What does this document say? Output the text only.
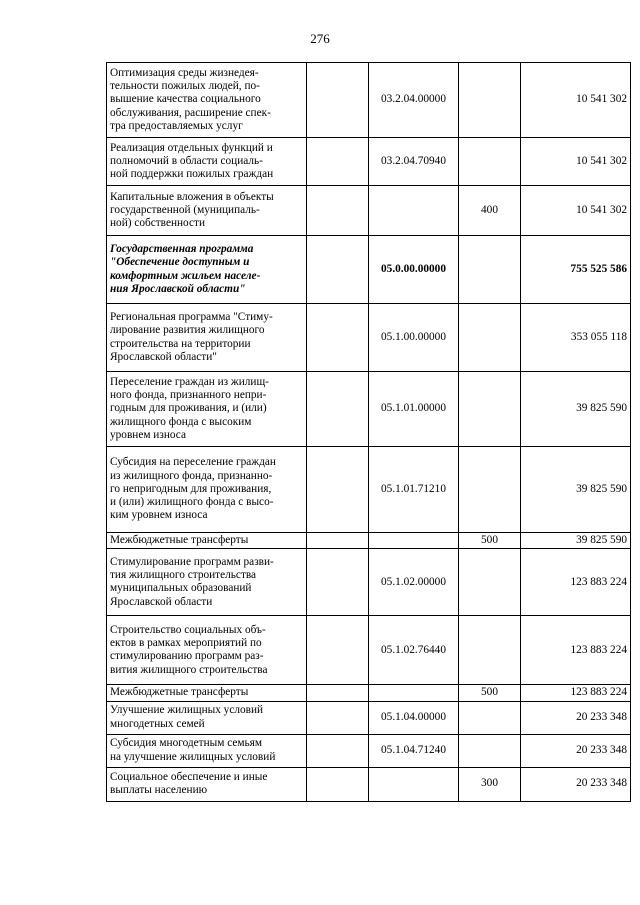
276
Оптимизация среды жизнедея-
тельности пожилых людей, по-
вышение качества социального
обслуживания, расширение спек-
тра предоставляемых услуг		03.2.04.00000		10 541 302

Реализация отдельных функций и
полномочий в области социаль-
ной поддержки пожилых граждан		03.2.04.70940		10 541 302

Капитальные вложения в объекты
государственной (муниципаль-
ной) собственности			400	10 541 302

Государственная программа
"Обеспечение доступным и
комфортным жильем населе-
ния Ярославской области"		05.0.00.00000		755 525 586

Региональная программа "Стиму-
лирование развития жилищного
строительства на территории
Ярославской области"		05.1.00.00000		353 055 118

Переселение граждан из жилищ-
ного фонда, признанного непри-
годным для проживания, и (или)
жилищного фонда с высоким
уровнем износа		05.1.01.00000		39 825 590

Субсидия на переселение граждан
из жилищного фонда, признанно-
го непригодным для проживания,
и (или) жилищного фонда с высо-
ким уровнем износа		05.1.01.71210		39 825 590

Межбюджетные трансферты			500	39 825 590

Стимулирование программ разви-
тия жилищного строительства
муниципальных образований
Ярославской области		05.1.02.00000		123 883 224

Строительство социальных объ-
ектов в рамках мероприятий по
стимулированию программ раз-
вития жилищного строительства		05.1.02.76440		123 883 224

Межбюджетные трансферты			500	123 883 224

Улучшение жилищных условий
многодетных семей		05.1.04.00000		20 233 348

Субсидия многодетным семьям
на улучшение жилищных условий		05.1.04.71240		20 233 348

Социальное обеспечение и иные
выплаты населению			300	20 233 348
